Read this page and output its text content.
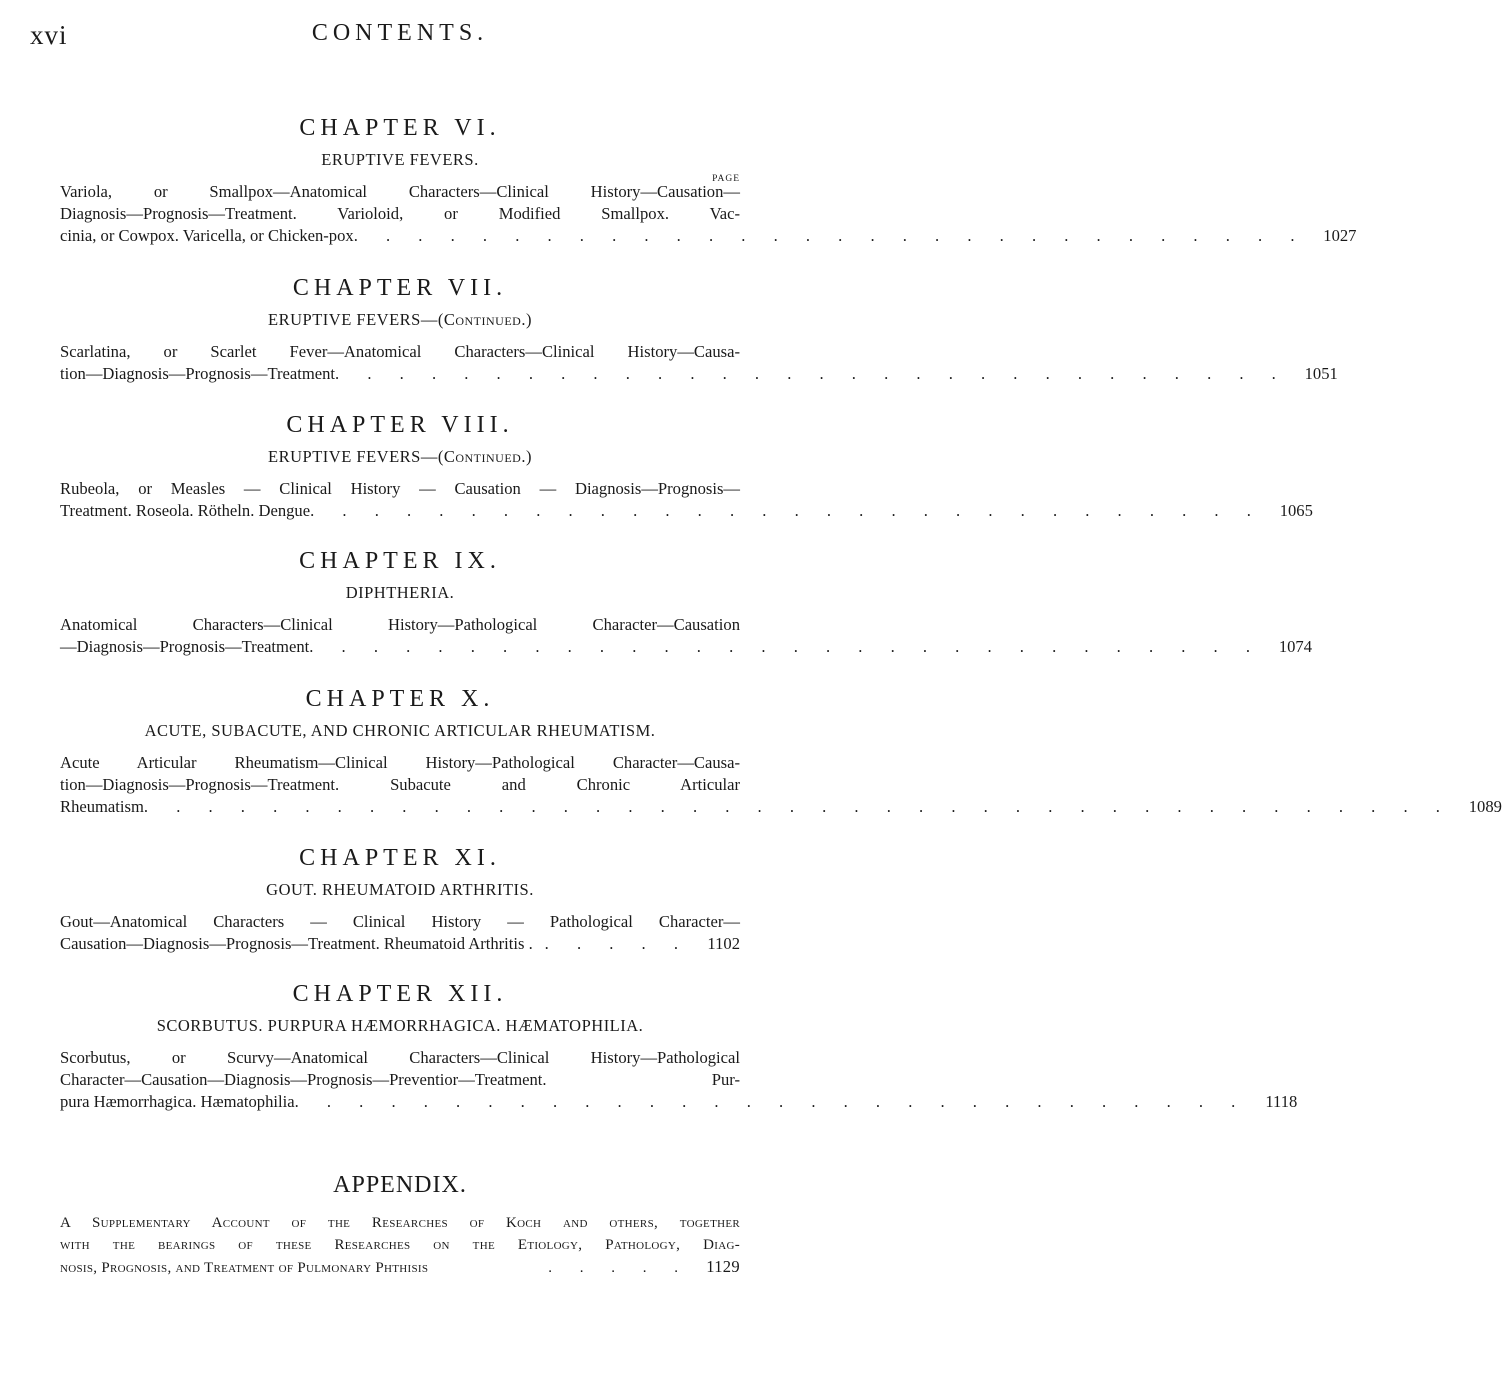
xvi	CONTENTS.
CHAPTER VI.
ERUPTIVE FEVERS.
PAGE
Variola, or Smallpox—Anatomical Characters—Clinical History—Causation—
Diagnosis—Prognosis—Treatment. Varioloid, or Modified Smallpox. Vac-
cinia, or Cowpox. Varicella, or Chicken-pox . . . . . . . . . . . . . . . . . . . . . . . . . . . . . .	1027
CHAPTER VII.
ERUPTIVE FEVERS—(Continued.)
Scarlatina, or Scarlet Fever—Anatomical Characters—Clinical History—Causa-
tion—Diagnosis—Prognosis—Treatment . . . . . . . . . . . . . . . . . . . . . . . . . . . . . .	1051
CHAPTER VIII.
ERUPTIVE FEVERS—(Continued.)
Rubeola, or Measles — Clinical History — Causation — Diagnosis—Prognosis—
Treatment. Roseola. Rötheln. Dengue . . . . . . . . . . . . . . . . . . . . . . . . . . . . . .	1065
CHAPTER IX.
DIPHTHERIA.
Anatomical Characters—Clinical History—Pathological Character—Causation
—Diagnosis—Prognosis—Treatment . . . . . . . . . . . . . . . . . . . . . . . . . . . . . .	1074
CHAPTER X.
ACUTE, SUBACUTE, AND CHRONIC ARTICULAR RHEUMATISM.
Acute Articular Rheumatism—Clinical History—Pathological Character—Causa-
tion—Diagnosis—Prognosis—Treatment. Subacute and Chronic Articular
Rheumatism . . . . . . . . . . . . . . . . . . . . . . . . . . . . . . . . . . . . . . . . .	1089
CHAPTER XI.
GOUT. RHEUMATOID ARTHRITIS.
Gout—Anatomical Characters — Clinical History — Pathological Character—
Causation—Diagnosis—Prognosis—Treatment. Rheumatoid Arthritis . . . . . .	1102
CHAPTER XII.
SCORBUTUS. PURPURA HÆMORRHAGICA. HÆMATOPHILIA.
Scorbutus, or Scurvy—Anatomical Characters—Clinical History—Pathological
Character—Causation—Diagnosis—Prognosis—Preventior—Treatment. Pur-
pura Hæmorrhagica. Hæmatophilia . . . . . . . . . . . . . . . . . . . . . . . . . . . . . .	1118
APPENDIX.
A Supplementary Account of the Researches of Koch and others, together
with the bearings of these Researches on the Etiology, Pathology, Diag-
nosis, Prognosis, and Treatment of Pulmonary Phthisis	. . . . . 1129
